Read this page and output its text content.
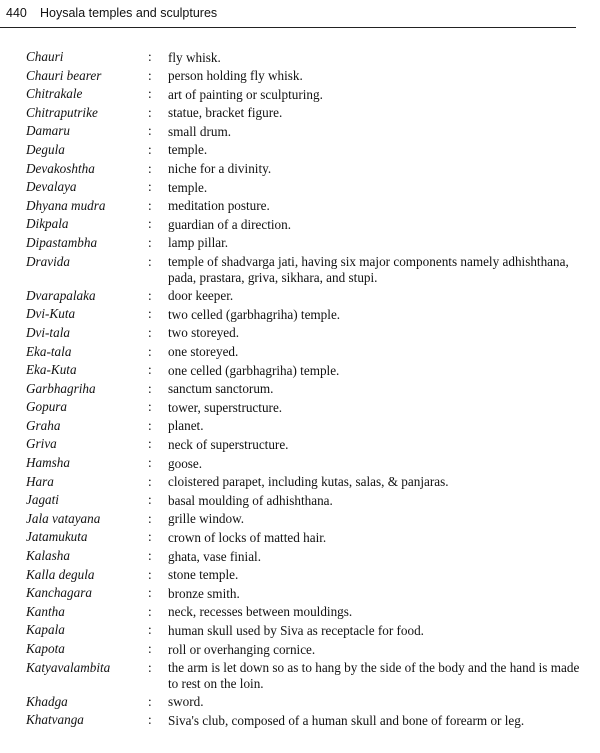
440 Hoysala temples and sculptures
Chauri	:	fly whisk.
Chauri bearer	:	person holding fly whisk.
Chitrakale	:	art of painting or sculpturing.
Chitraputrike	:	statue, bracket figure.
Damaru	:	small drum.
Degula	:	temple.
Devakoshtha	:	niche for a divinity.
Devalaya	:	temple.
Dhyana mudra	:	meditation posture.
Dikpala	:	guardian of a direction.
Dipastambha	:	lamp pillar.
Dravida	:	temple of shadvarga jati, having six major components namely adhishthana, pada, prastara, griva, sikhara, and stupi.
Dvarapalaka	:	door keeper.
Dvi-Kuta	:	two celled (garbhagriha) temple.
Dvi-tala	:	two storeyed.
Eka-tala	:	one storeyed.
Eka-Kuta	:	one celled (garbhagriha) temple.
Garbhagriha	:	sanctum sanctorum.
Gopura	:	tower, superstructure.
Graha	:	planet.
Griva	:	neck of superstructure.
Hamsha	:	goose.
Hara	:	cloistered parapet, including kutas, salas, & panjaras.
Jagati	:	basal moulding of adhishthana.
Jala vatayana	:	grille window.
Jatamukuta	:	crown of locks of matted hair.
Kalasha	:	ghata, vase finial.
Kalla degula	:	stone temple.
Kanchagara	:	bronze smith.
Kantha	:	neck, recesses between mouldings.
Kapala	:	human skull used by Siva as receptacle for food.
Kapota	:	roll or overhanging cornice.
Katyavalambita	:	the arm is let down so as to hang by the side of the body and the hand is made to rest on the loin.
Khadga	:	sword.
Khatvanga	:	Siva's club, composed of a human skull and bone of forearm or leg.
